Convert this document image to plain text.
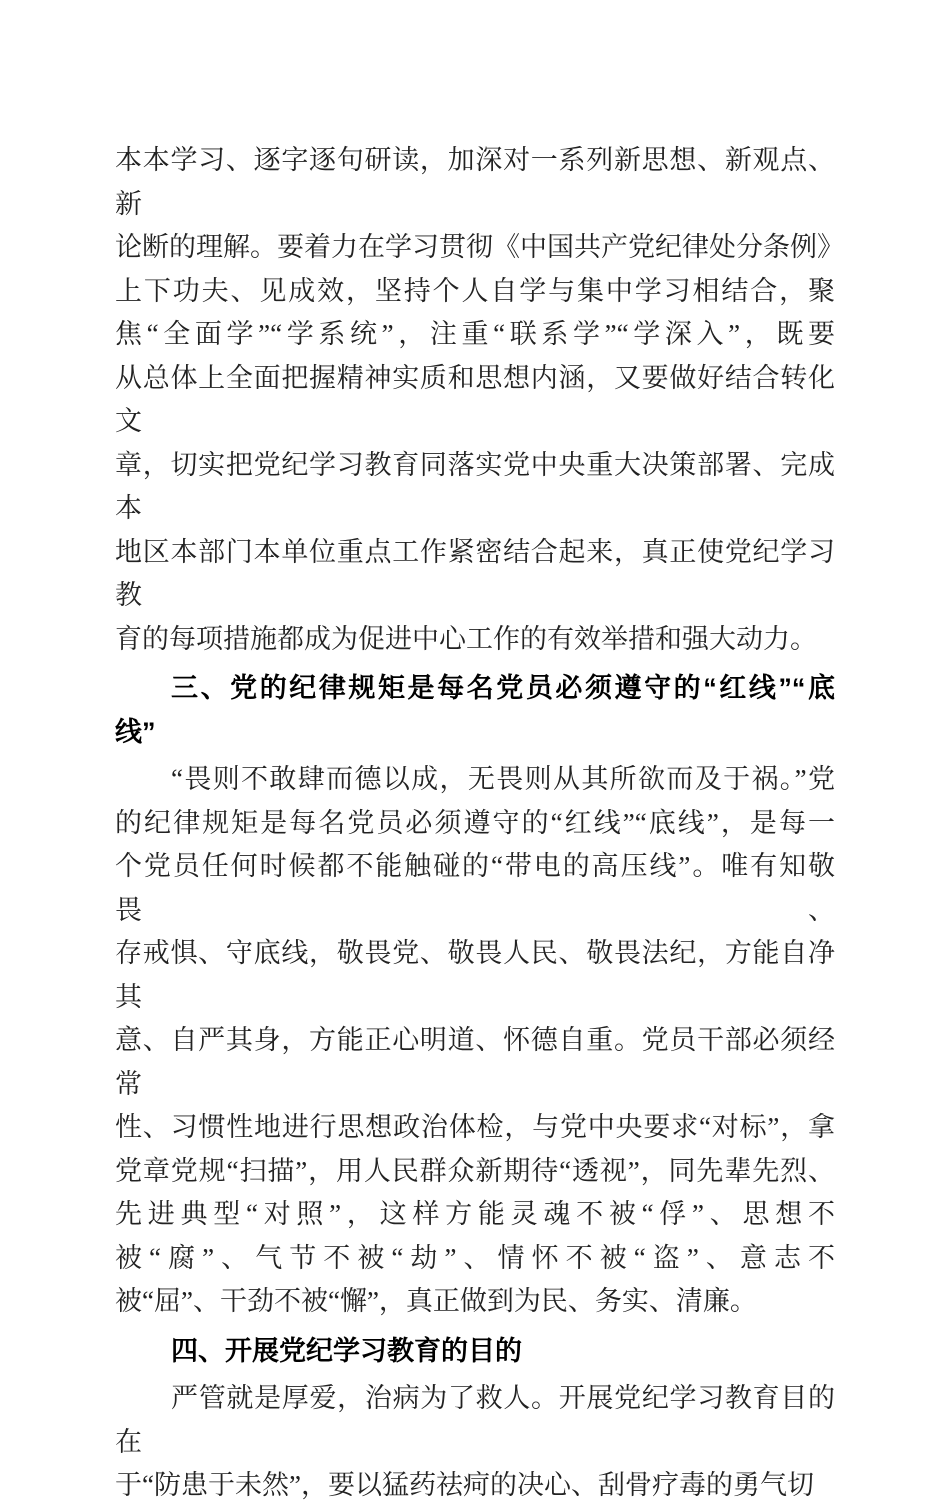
本本学习、逐字逐句研读，加深对一系列新思想、新观点、新
论断的理解。要着力在学习贯彻《中国共产党纪律处分条例》
上下功夫、见成效，坚持个人自学与集中学习相结合，聚
焦“全面学”“学系统”，注重“联系学”“学深入”，既要
从总体上全面把握精神实质和思想内涵，又要做好结合转化文
章，切实把党纪学习教育同落实党中央重大决策部署、完成本
地区本部门本单位重点工作紧密结合起来，真正使党纪学习教
育的每项措施都成为促进中心工作的有效举措和强大动力。
三、党的纪律规矩是每名党员必须遵守的“红线”“底
线”
“畏则不敢肆而德以成，无畏则从其所欲而及于祸。”党
的纪律规矩是每名党员必须遵守的“红线”“底线”，是每一
个党员任何时候都不能触碰的“带电的高压线”。唯有知敬畏、
存戒惧、守底线，敬畏党、敬畏人民、敬畏法纪，方能自净其
意、自严其身，方能正心明道、怀德自重。党员干部必须经常
性、习惯性地进行思想政治体检，与党中央要求“对标”，拿
党章党规“扫描”，用人民群众新期待“透视”，同先辈先烈、
先进典型“对照”，这样方能灵魂不被“俘”、思想不
被“腐”、气节不被“劫”、情怀不被“盗”、意志不
被“屈”、干劲不被“懈”，真正做到为民、务实、清廉。
四、开展党纪学习教育的目的
严管就是厚爱，治病为了救人。开展党纪学习教育目的在
于“防患于未然”，要以猛药祛疴的决心、刮骨疗毒的勇气切
